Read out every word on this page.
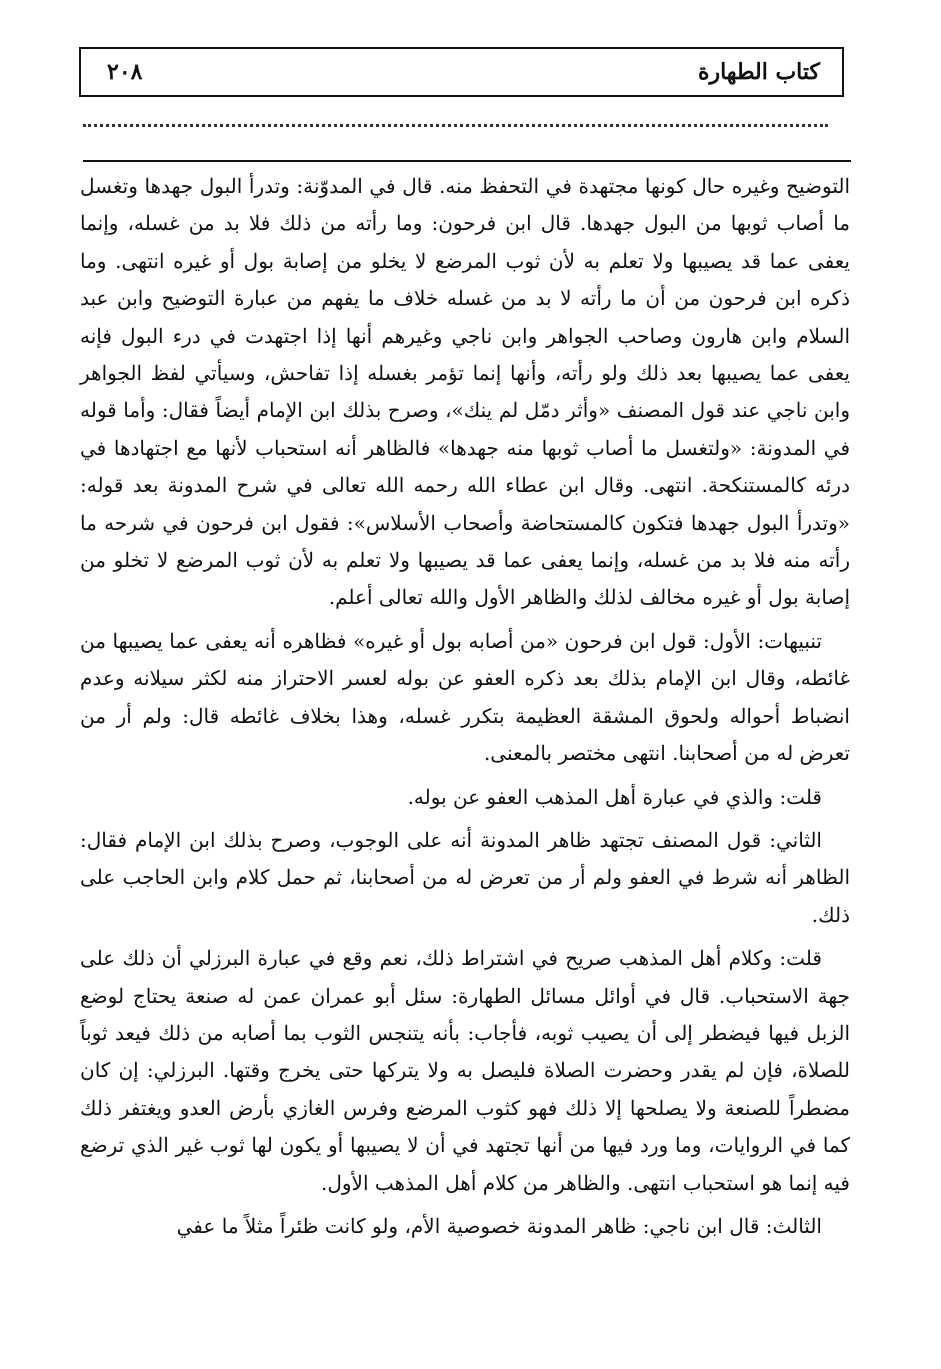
كتاب الطهارة
٢٠٨

التوضيح وغيره حال كونها مجتهدة في التحفظ منه. قال في المدوّنة: وتدرأ البول جهدها وتغسل ما أصاب ثوبها من البول جهدها. قال ابن فرحون: وما رأته من ذلك فلا بد من غسله، وإنما يعفى عما قد يصيبها ولا تعلم به لأن ثوب المرضع لا يخلو من إصابة بول أو غيره انتهى. وما ذكره ابن فرحون من أن ما رأته لا بد من غسله خلاف ما يفهم من عبارة التوضيح وابن عبد السلام وابن هارون وصاحب الجواهر وابن ناجي وغيرهم أنها إذا اجتهدت في درء البول فإنه يعفى عما يصيبها بعد ذلك ولو رأته، وأنها إنما تؤمر بغسله إذا تفاحش، وسيأتي لفظ الجواهر وابن ناجي عند قول المصنف «وأثر دمّل لم ينك»، وصرح بذلك ابن الإمام أيضاً فقال: وأما قوله في المدونة: «ولتغسل ما أصاب ثوبها منه جهدها» فالظاهر أنه استحباب لأنها مع اجتهادها في درئه كالمستنكحة. انتهى. وقال ابن عطاء الله رحمه الله تعالى في شرح المدونة بعد قوله: «وتدرأ البول جهدها فتكون كالمستحاضة وأصحاب الأسلاس»: فقول ابن فرحون في شرحه ما رأته منه فلا بد من غسله، وإنما يعفى عما قد يصيبها ولا تعلم به لأن ثوب المرضع لا تخلو من إصابة بول أو غيره مخالف لذلك والظاهر الأول والله تعالى أعلم.

تنبيهات: الأول: قول ابن فرحون «من أصابه بول أو غيره» فظاهره أنه يعفى عما يصيبها من غائطه، وقال ابن الإمام بذلك بعد ذكره العفو عن بوله لعسر الاحتراز منه لكثر سيلانه وعدم انضباط أحواله ولحوق المشقة العظيمة بتكرر غسله، وهذا بخلاف غائطه قال: ولم أر من تعرض له من أصحابنا. انتهى مختصر بالمعنى.

قلت: والذي في عبارة أهل المذهب العفو عن بوله.

الثاني: قول المصنف تجتهد ظاهر المدونة أنه على الوجوب، وصرح بذلك ابن الإمام فقال: الظاهر أنه شرط في العفو ولم أر من تعرض له من أصحابنا، ثم حمل كلام وابن الحاجب على ذلك.

قلت: وكلام أهل المذهب صريح في اشتراط ذلك، نعم وقع في عبارة البرزلي أن ذلك على جهة الاستحباب. قال في أوائل مسائل الطهارة: سئل أبو عمران عمن له صنعة يحتاج لوضع الزبل فيها فيضطر إلى أن يصيب ثوبه، فأجاب: بأنه يتنجس الثوب بما أصابه من ذلك فيعد ثوباً للصلاة، فإن لم يقدر وحضرت الصلاة فليصل به ولا يتركها حتى يخرج وقتها. البرزلي: إن كان مضطراً للصنعة ولا يصلحها إلا ذلك فهو كثوب المرضع وفرس الغازي بأرض العدو ويغتفر ذلك كما في الروايات، وما ورد فيها من أنها تجتهد في أن لا يصيبها أو يكون لها ثوب غير الذي ترضع فيه إنما هو استحباب انتهى. والظاهر من كلام أهل المذهب الأول.

الثالث: قال ابن ناجي: ظاهر المدونة خصوصية الأم، ولو كانت ظئراً مثلاً ما عفي
